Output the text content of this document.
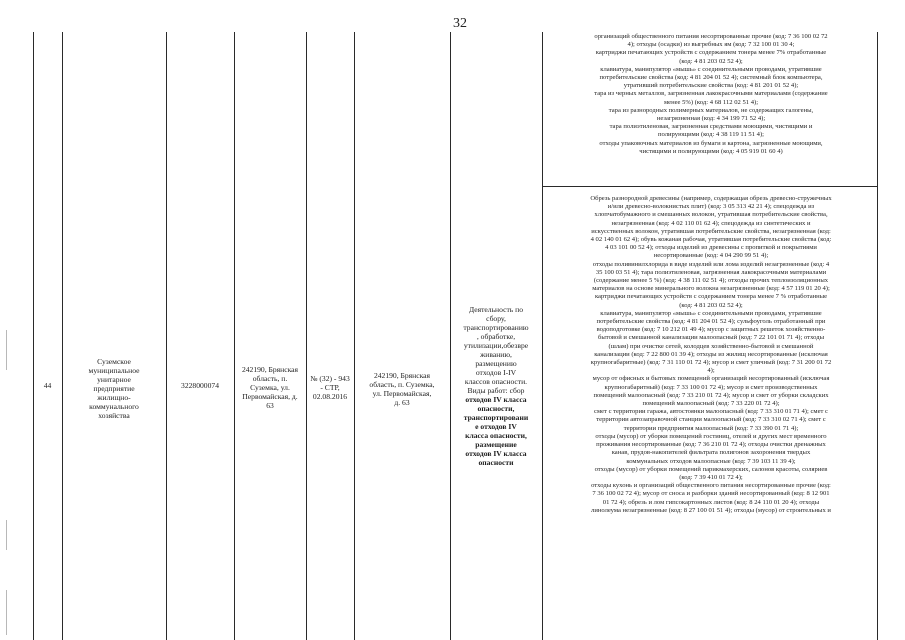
32
44
Суземское
муниципальное
унитарное
предприятие
жилищно-
коммунального
хозяйства
3228000074
242190, Брянская
область, п.
Суземка, ул.
Первомайская, д.
63
№ (32) - 943
- СТР,
02.08.2016
242190, Брянская
область, п. Суземка,
ул. Первомайская,
д. 63
Деятельность по
сбору,
транспортированию
, обработке,
утилизации,обезвре
живанию,
размещению
отходов I-IV
классов опасности.
Виды работ: сбор
отходов IV класса
опасности,
транспортировани
е отходов IV
класса опасности,
размещение
отходов IV класса
опасности
организаций общественного питания несортированные прочие (код: 7 36 100 02 72
4); отходы (осадки) из выгребных ям (код: 7 32 100 01 30 4;
картриджи печатающих устройств с содержанием тонера менее 7% отработанные
(код: 4 81 203 02 52 4);
клавиатура, манипулятор «мышь» с соединительными проводами, утратившие
потребительские свойства (код: 4 81 204 01 52 4); системный блок компьютера,
утративший потребительские свойства (код: 4 81 201 01 52 4);
тара из черных металлов, загрязненная лакокрасочными материалами (содержание
менее 5%) (код: 4 68 112 02 51 4);
тара из разнородных полимерных материалов, не содержащих галогены,
незагрязненная (код: 4 34 199 71 52 4);
тара полиэтиленовая, загрязненная средствами моющими, чистящими и
полирующими (код: 4 38 119 11 51 4);
отходы упаковочных материалов из бумаги и картона, загрязненные моющими,
чистящими и полирующими (код: 4 05 919 01 60 4)
Обрезь разнородной древесины (например, содержащая обрезь древесно-стружечных
и/или древесно-волокнистых плит) (код: 3 05 313 42 21 4); спецодежда из
хлопчатобумажного и смешанных волокон, утратившая потребительские свойства,
незагрязненная (код: 4 02 110 01 62 4); спецодежда из синтетических и
искусственных волокон, утратившая потребительские свойства, незагрязненная (код:
4 02 140 01 62 4); обувь кожаная рабочая, утратившая потребительские свойства (код:
4 03 101 00 52 4); отходы изделий из древесины с пропиткой и покрытиями
несортированные (код: 4 04 290 99 51 4);
отходы поливинилхлорида в виде изделий или лома изделий незагрязненные (код: 4
35 100 03 51 4); тара полиэтиленовая, загрязненная лакокрасочными материалами
(содержание менее 5 %) (код: 4 38 111 02 51 4); отходы прочих теплоизоляционных
материалов на основе минерального волокна незагрязненные (код: 4 57 119 01 20 4);
картриджи печатающих устройств с содержанием тонера менее 7 % отработанные
(код: 4 81 203 02 52 4);
клавиатура, манипулятор «мышь» с соединительными проводами, утратившие
потребительские свойства (код: 4 81 204 01 52 4); сульфоуголь отработанный при
водоподготовке (код: 7 10 212 01 49 4); мусор с защитных решеток хозяйственно-
бытовой и смешанной канализации малоопасный (код: 7 22 101 01 71 4); отходы
(шлам) при очистке сетей, колодцев хозяйственно-бытовой и смешанной
канализации (код: 7 22 800 01 39 4); отходы из жилищ несортированные (исключая
крупногабаритные) (код: 7 31 110 01 72 4); мусор и смет уличный (код: 7 31 200 01 72
4);
мусор от офисных и бытовых помещений организаций несортированный (исключая
крупногабаритный) (код: 7 33 100 01 72 4); мусор и смет производственных
помещений малоопасный (код: 7 33 210 01 72 4); мусор и смет от уборки складских
помещений малоопасный (код: 7 33 220 01 72 4);
смет с территории гаража, автостоянки малоопасный (код: 7 33 310 01 71 4); смет с
территории автозаправочной станции малоопасный (код: 7 33 310 02 71 4); смет с
территории предприятия малоопасный (код: 7 33 390 01 71 4);
отходы (мусор) от уборки помещений гостиниц, отелей и других мест временного
проживания несортированные (код: 7 36 210 01 72 4); отходы очистки дренажных
канав, прудов-накопителей фильтрата полигонов захоронения твердых
коммунальных отходов малоопасные (код: 7 39 103 11 39 4);
отходы (мусор) от уборки помещений парикмахерских, салонов красоты, соляриев
(код: 7 39 410 01 72 4);
отходы кухонь и организаций общественного питания несортированные прочие (код:
7 36 100 02 72 4); мусор от сноса и разборки зданий несортированный (код: 8 12 901
01 72 4); обрезь и лом гипсокартонных листов (код: 8 24 110 01 20 4); отходы
линолеума незагрязненные (код: 8 27 100 01 51 4); отходы (мусор) от строительных и
